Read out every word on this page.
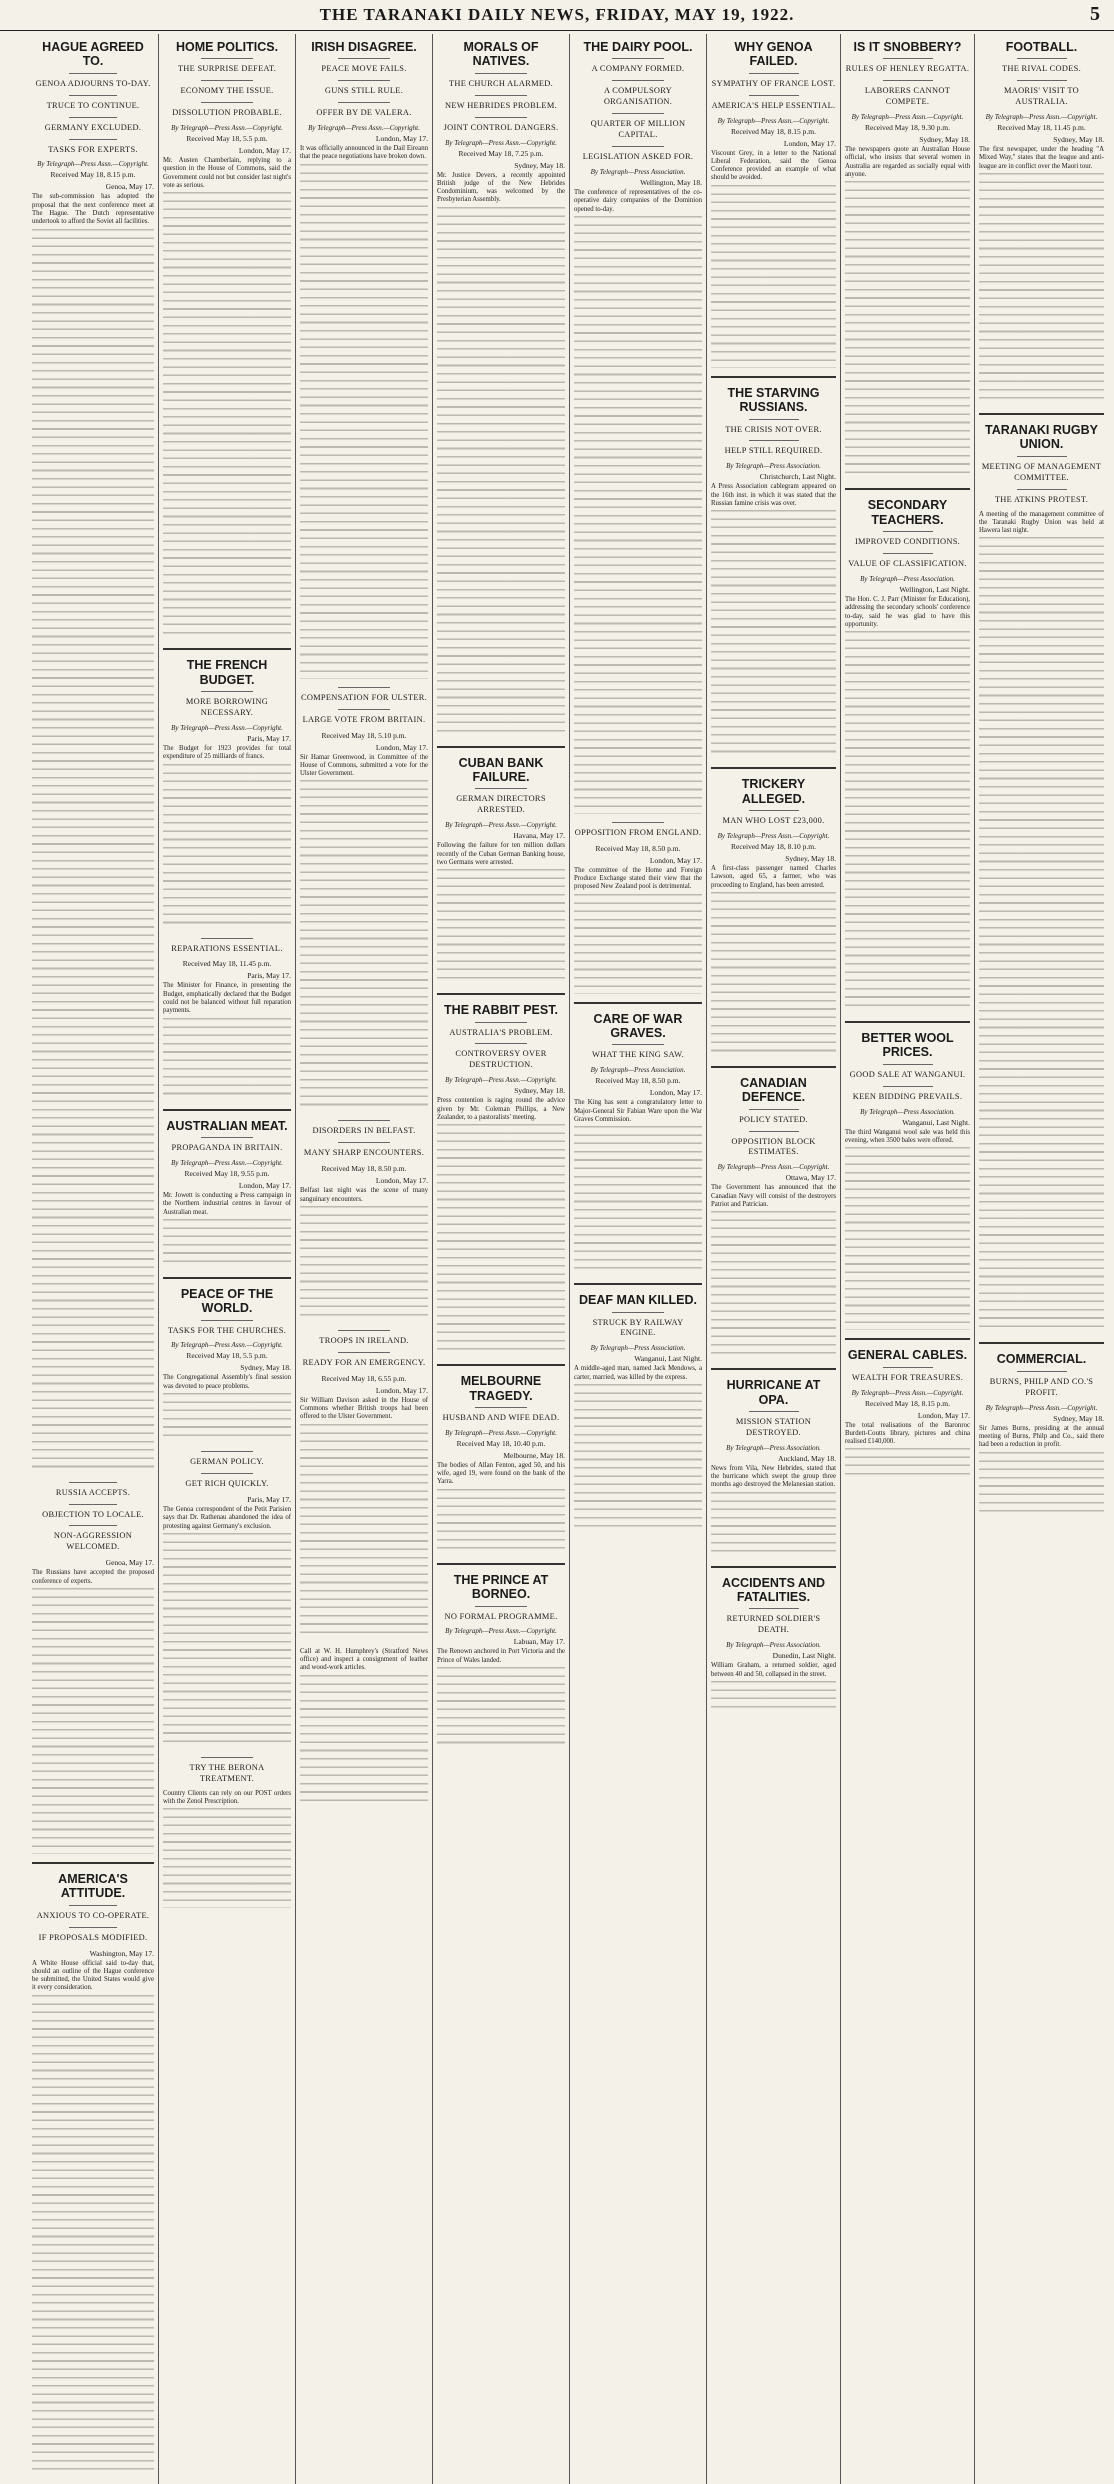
THE TARANAKI DAILY NEWS, FRIDAY, MAY 19, 1922.	5
HAGUE AGREED TO.
GENOA ADJOURNS TO-DAY.
TRUCE TO CONTINUE.
GERMANY EXCLUDED.
TASKS FOR EXPERTS.
By Telegraph—Press Assn.—Copyright.
Received May 18, 8.15 p.m.
Genoa, May 17.

The sub-commission has adopted the proposal that the next conference meet at The Hague. The Dutch representative undertook to afford the Soviet all facilities.

RUSSIA ACCEPTS.
OBJECTION TO LOCALE.
NON-AGGRESSION WELCOMED.
Genoa, May 17.

The Russians have accepted the proposed conference of experts.

AMERICA'S ATTITUDE.
ANXIOUS TO CO-OPERATE.
IF PROPOSALS MODIFIED.
Washington, May 17.

A White House official said to-day that, should an outline of the Hague conference be submitted, the United States would give it every consideration.

HOME POLITICS.
THE SURPRISE DEFEAT.
ECONOMY THE ISSUE.
DISSOLUTION PROBABLE.
By Telegraph—Press Assn.—Copyright.
Received May 18, 5.5 p.m.
London, May 17.

Mr. Austen Chamberlain, replying to a question in the House of Commons, said the Government could not but consider last night's vote as serious.

THE FRENCH BUDGET.
MORE BORROWING NECESSARY.
By Telegraph—Press Assn.—Copyright.
Paris, May 17.

The Budget for 1923 provides for total expenditure of 25 milliards of francs.

REPARATIONS ESSENTIAL.
Received May 18, 11.45 p.m.
Paris, May 17.

The Minister for Finance, in presenting the Budget, emphatically declared that the Budget could not be balanced without full reparation payments.

AUSTRALIAN MEAT.
PROPAGANDA IN BRITAIN.
By Telegraph—Press Assn.—Copyright.
Received May 18, 9.55 p.m.
London, May 17.

Mr. Jowett is conducting a Press campaign in the Northern industrial centres in favour of Australian meat.

PEACE OF THE WORLD.
TASKS FOR THE CHURCHES.
By Telegraph—Press Assn.—Copyright.
Received May 18, 5.5 p.m.
Sydney, May 18.

The Congregational Assembly's final session was devoted to peace problems.

GERMAN POLICY.
GET RICH QUICKLY.
Paris, May 17.

The Genoa correspondent of the Petit Parisien says that Dr. Rathenau abandoned the idea of protesting against Germany's exclusion.

TRY THE BERONA TREATMENT.

Country Clients can rely on our POST orders with the Zenol Prescription.

IRISH DISAGREE.
PEACE MOVE FAILS.
GUNS STILL RULE.
OFFER BY DE VALERA.
By Telegraph—Press Assn.—Copyright.
London, May 17.

It was officially announced in the Dail Eireann that the peace negotiations have broken down.

COMPENSATION FOR ULSTER.
LARGE VOTE FROM BRITAIN.
Received May 18, 5.10 p.m.
London, May 17.

Sir Hamar Greenwood, in Committee of the House of Commons, submitted a vote for the Ulster Government.

DISORDERS IN BELFAST.
MANY SHARP ENCOUNTERS.
Received May 18, 8.50 p.m.
London, May 17.

Belfast last night was the scene of many sanguinary encounters.

TROOPS IN IRELAND.
READY FOR AN EMERGENCY.
Received May 18, 6.55 p.m.
London, May 17.

Sir William Davison asked in the House of Commons whether British troops had been offered to the Ulster Government.

Call at W. H. Humphrey's (Stratford News office) and inspect a consignment of leather and wood-work articles.

MORALS OF NATIVES.
THE CHURCH ALARMED.
NEW HEBRIDES PROBLEM.
JOINT CONTROL DANGERS.
By Telegraph—Press Assn.—Copyright.
Received May 18, 7.25 p.m.
Sydney, May 18.

Mr. Justice Devers, a recently appointed British judge of the New Hebrides Condominium, was welcomed by the Presbyterian Assembly.

CUBAN BANK FAILURE.
GERMAN DIRECTORS ARRESTED.
By Telegraph—Press Assn.—Copyright.
Havana, May 17.

Following the failure for ten million dollars recently of the Cuban German Banking house, two Germans were arrested.

THE RABBIT PEST.
AUSTRALIA'S PROBLEM.
CONTROVERSY OVER DESTRUCTION.
By Telegraph—Press Assn.—Copyright.
Sydney, May 18.

Press contention is raging round the advice given by Mr. Coleman Phillips, a New Zealander, to a pastoralists' meeting.

MELBOURNE TRAGEDY.
HUSBAND AND WIFE DEAD.
By Telegraph—Press Assn.—Copyright.
Received May 18, 10.40 p.m.
Melbourne, May 18.

The bodies of Allan Fenton, aged 50, and his wife, aged 19, were found on the bank of the Yarra.

THE PRINCE AT BORNEO.
NO FORMAL PROGRAMME.
By Telegraph—Press Assn.—Copyright.
Labuan, May 17.

The Renown anchored in Port Victoria and the Prince of Wales landed.

THE DAIRY POOL.
A COMPANY FORMED.
A COMPULSORY ORGANISATION.
QUARTER OF MILLION CAPITAL.
LEGISLATION ASKED FOR.
By Telegraph—Press Association.
Wellington, May 18.

The conference of representatives of the co-operative dairy companies of the Dominion opened to-day.

OPPOSITION FROM ENGLAND.
Received May 18, 8.50 p.m.
London, May 17.

The committee of the Home and Foreign Produce Exchange stated their view that the proposed New Zealand pool is detrimental.

CARE OF WAR GRAVES.
WHAT THE KING SAW.
By Telegraph—Press Association.
Received May 18, 8.50 p.m.
London, May 17.

The King has sent a congratulatory letter to Major-General Sir Fabian Ware upon the War Graves Commission.

DEAF MAN KILLED.
STRUCK BY RAILWAY ENGINE.
By Telegraph—Press Association.
Wanganui, Last Night.

A middle-aged man, named Jack Mendows, a carter, married, was killed by the express.

WHY GENOA FAILED.
SYMPATHY OF FRANCE LOST.
AMERICA'S HELP ESSENTIAL.
By Telegraph—Press Assn.—Copyright.
Received May 18, 8.15 p.m.
London, May 17.

Viscount Grey, in a letter to the National Liberal Federation, said the Genoa Conference provided an example of what should be avoided.

THE STARVING RUSSIANS.
THE CRISIS NOT OVER.
HELP STILL REQUIRED.
By Telegraph—Press Association.
Christchurch, Last Night.

A Press Association cablegram appeared on the 16th inst. in which it was stated that the Russian famine crisis was over.

TRICKERY ALLEGED.
MAN WHO LOST £23,000.
By Telegraph—Press Assn.—Copyright.
Received May 18, 8.10 p.m.
Sydney, May 18.

A first-class passenger named Charles Lawson, aged 65, a farmer, who was proceeding to England, has been arrested.

CANADIAN DEFENCE.
POLICY STATED.
OPPOSITION BLOCK ESTIMATES.
By Telegraph—Press Assn.—Copyright.
Ottawa, May 17.

The Government has announced that the Canadian Navy will consist of the destroyers Patriot and Patrician.

HURRICANE AT OPA.
MISSION STATION DESTROYED.
By Telegraph—Press Association.
Auckland, May 18.

News from Vila, New Hebrides, stated that the hurricane which swept the group three months ago destroyed the Melanesian station.

ACCIDENTS AND FATALITIES.
RETURNED SOLDIER'S DEATH.
By Telegraph—Press Association.
Dunedin, Last Night.

William Graham, a returned soldier, aged between 40 and 50, collapsed in the street.

IS IT SNOBBERY?
RULES OF HENLEY REGATTA.
LABORERS CANNOT COMPETE.
By Telegraph—Press Assn.—Copyright.
Received May 18, 9.30 p.m.
Sydney, May 18.

The newspapers quote an Australian House official, who insists that several women in Australia are regarded as socially equal with anyone.

SECONDARY TEACHERS.
IMPROVED CONDITIONS.
VALUE OF CLASSIFICATION.
By Telegraph—Press Association.
Wellington, Last Night.

The Hon. C. J. Parr (Minister for Education), addressing the secondary schools' conference to-day, said he was glad to have this opportunity.

BETTER WOOL PRICES.
GOOD SALE AT WANGANUI.
KEEN BIDDING PREVAILS.
By Telegraph—Press Association.
Wanganui, Last Night.

The third Wanganui wool sale was held this evening, when 3500 bales were offered.

GENERAL CABLES.
WEALTH FOR TREASURES.
By Telegraph—Press Assn.—Copyright.
Received May 18, 8.15 p.m.
London, May 17.

The total realisations of the Baronroc Burdett-Coutts library, pictures and china realised £140,000.

FOOTBALL.
THE RIVAL CODES.
MAORIS' VISIT TO AUSTRALIA.
By Telegraph—Press Assn.—Copyright.
Received May 18, 11.45 p.m.
Sydney, May 18.

The first newspaper, under the heading "A Mixed Way," states that the league and anti-league are in conflict over the Maori tour.

TARANAKI RUGBY UNION.
MEETING OF MANAGEMENT COMMITTEE.
THE ATKINS PROTEST.

A meeting of the management committee of the Taranaki Rugby Union was held at Hawera last night.

COMMERCIAL.
BURNS, PHILP AND CO.'S PROFIT.
By Telegraph—Press Assn.—Copyright.
Sydney, May 18.

Sir James Burns, presiding at the annual meeting of Burns, Philp and Co., said there had been a reduction in profit.
